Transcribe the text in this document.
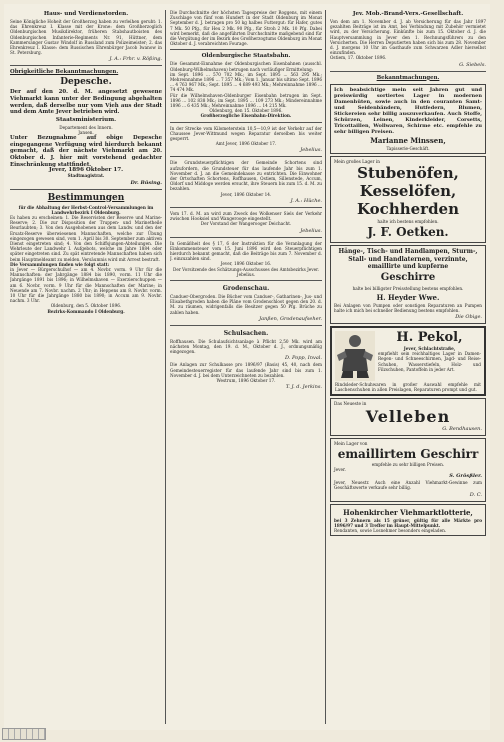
Haus- und Verdienstorden.

Seine Königliche Hoheit der Großherzog haben zu verleihen geruht: 1. das Ehrenkreuz I. Klasse mit der Krone: dem Großherzoglich Oldenburgischen Musikdirektor, früheren Stabshautboisten des Oldenburgischen Infanterie-Regiments Nr. 91, Hüttner, dem Kammersänger Gustav Windolf in Russland zum Polizeimeister; 2. das Ehrenkreuz I. Klasse: dem Russischen Ehrenbürger Jacob Iwanow in St. Petersburg.

J. A.: Frhr. v. Rößing.

Obrigkeitliche Bekanntmachungen.

Depesche.

Der auf den 20. d. M. angesetzt gewesene Viehmarkt kann unter der Bedingung abgehalten werden, daß derselbe nur vom Vieh aus der Stadt und dem Amte Jever betrieben wird.

Staatsministerium.

Departement des Innern.

Jansen.

Unter Bezugnahme auf obige Depesche eingegangene Verfügung wird hierdurch bekannt gemacht, daß der nächste Viehmarkt am 20. Oktober d. J. hier mit vorstehend gedachter Einschränkung stattfindet.

Jever, 1896 Oktober 17.

Stadtmagistrat.

Dr. Büsing.

Bestimmungen

für die Abhaltung der Herbst-Control-Versammlungen im Landwehrbezirk I Oldenburg.

Es haben zu erscheinen: 1. Die Reservisten der Reserve und Marine-Reserve; 2. Die zur Disposition der Truppen- und Marinetheile Beurlaubten; 3. Von den Ausgehobenen aus dem Landw. und den der Ersatz-Reserve überwiesenen Mannschaften, welche zur Übung eingezogen gewesen sind, vom 1. April bis 30. September zum aktiven Dienst eingetreten sind; 4. Von den Schiffsjungen-Abteilungen. Die Wehrleute der Landwehr I. Aufgebots, welche im Jahre 1884 oder später eingetreten sind. Zu spät eintretende Mannschaften haben sich beim Hauptmeldeamt zu melden. Versäumnis wird mit Arrest bestraft.

Die Versammlungen finden wie folgt statt:

in Jever — Bürgerschulhof — am 4. Novbr. vorm. 9 Uhr für die Mannschaften: der Jahrgänge 1884 bis 1890, vorm. 11 Uhr die Jahrgänge 1891 bis 1896; in Wilhelmshaven — Exerzierschuppen — am 6. Novbr. vorm. 9 Uhr für die Mannschaften der Marine; in Neuende am 7. Novbr. nachm. 2 Uhr; in Heppens am 8. Novbr. vorm. 10 Uhr für die Jahrgänge 1880 bis 1890; in Accum am 9. Novbr. nachm. 3 Uhr.

Oldenburg, den 5. Oktober 1896.

Bezirks-Kommando I Oldenburg.

Die Durchschnitte der höchsten Tagespreise der Roggens, mit einem Zuschlage von fünf vom Hundert in der Stadt Oldenburg im Monat September d. J. betragen pro 50 kg halbes Futtergut: für Hafer, gutes 7 Mk. 50 Pfg., für Heu 2 Mk. 90 Pfg., für Stroh 2 Mk. 10 Pfg. Dabei wird bemerkt, daß die angeführten Durchschnitte maßgebend sind für die Vergütung der im Bezirk des Großherzogtums Oldenburg im Monat Oktober d. J. verabreichten Fourage.

Oldenburgische Staatsbahn.

Die Gesammt-Einnahme der Oldenburgischen Eisenbahnen (ausschl. Oldenburg-Wilhelmshaven) betrugen nach vorläufiger Ermittelung:

im Sept. 1896 ... 570 702 Mk.; im Sept. 1895 ... 563 295 Mk.; Mehreinnahme 1896 ... 7 357 Mk.; Vom 1. Januar bis ultimo Sept. 1896 ... 4 763 967 Mk.; Sept. 1895 ... 4 689 493 Mk.; Mehreinnahme 1896 ... 74 474 Mk.

Für die Wilhelmshaven-Oldenburger Eisenbahn betrugen im Sept. 1896 ... 102 838 Mk.; im Sept. 1895 ... 109 273 Mk.; Mindereinnahme 1896 ... 6 435 Mk.; Mehreinnahme 1896 ... 14 215 Mk.

Oldenburg, den 15. Oktober 1896.

Großherzogliche Eisenbahn-Direktion.

In der Strecke vom Kilometerstein 10,5—10,9 ist der Verkehr auf der Chaussee Jever-Wittmund wegen Reparatur derselben bis weiter gesperrt.

Amt Jever, 1896 Oktober 17.

Jebelius.

Die Grundsteuerpflichtigen der Gemeinde Schortens sind aufzufordern, die Grundsteuer für das laufende Jahr bis zum 1. November d. J. an die Gemeindekasse zu entrichten. Die Einwohner der Ortschaften Schortens, Roffhausen, Ostiem, Sillenstede, Accum, Oldorf und Middoge werden ersucht, ihre Steuern bis zum 15. d. M. zu bezahlen.

Jever, 1896 Oktober 14.

J. A.: Hüche.

Vom 17. d. M. an wird zum Zweck des Wolkenser Siels der Verkehr zwischen Hooksiel und Wangerooge eingestellt.

Der Vorstand der Wangerooger Deichacht.

Jebelius.

In Gemäßheit des § 17, 6 der Instruktion für die Veranlagung der Einkommensteuer vom 15. Juni 1896 wird den Steuerpflichtigen hierdurch bekannt gemacht, daß die Beiträge bis zum 7. November d. J. einzuzahlen sind.

Jever, 1896 Oktober 16.

Der Vorsitzende des Schätzungs-Ausschusses des Amtsbezirks Jever. Jebelius.

Grodenschau.

Canduer-Obergroden. Die Bücher vom Canduer-, Gatharinen-, Jus- und Elisabethgroden haben die Pläne vom Grodenschloot gegen den 20. d. M. zu räumen, widrigenfalls die Besitzer gegen 50 Pfg. Brüche zu zahlen haben.

Janßen, Grodenaufseher.

Schulsachen.

Roffhausen. Die Schulaufsichtsanlage à Pflicht 2,50 Mk. wird am nächsten Montag, den 19. d. M., Oktober d. J., ordnungsmäßig eingezogen.

D. Popp, Inval.

Die Anlagen zur Schulkasse pro 1896/97 (Basis) 45, 40, nach dem Gemeindesteuerregister für das laufende Jahr sind bis zum 1. November d. J. bei dem Unterzeichneten zu bezahlen.

Westrum, 1896 Oktober 17.

T. J. d. Jerkins.

Jev. Mob.-Brand-Vers.-Gesellschaft.

Von dem am 1. November d. J. ab Versicherung für das Jahr 1897 gezahlten Beiträge ist im Amt, bei Verbindung mit Zubehör vermietet wird, zu der Versicherung. Einkünfte bis zum 15. Oktober d. J. die Hauptversammlung in Jever den 1. Rechnungsführers zu den Versicherten. Die Herren Deputierten haben sich bis zum 28. November d. J. morgens 10 Uhr im Gasthaufe zum Schwarzen Adler hierselbst einzufinden.

Ostiem, 17. Oktober 1896.

G. Siebels.

Bekanntmachungen.

Ich beabsichtige mein seit Jahren gut und preiswürdig sortiertes Lager in modernen Damenhüten, sowie auch in den couranten Samt- und Seidenbändern, Hutfedern, Blumen, Stickereien sehr billig auszuverkaufen. Auch Stoffe, Schürzen, Leinen, Kinderkleider, Corsetts, Tricottaillen, Wollwaren, Schirme etc. empfehle zu sehr billigen Preisen.

Marianne Minssen,

Tapisserie-Geschäft.

Mein großes Lager in

Stubenöfen,

Kesselöfen,

Kochherden

halte ich bestens empfohlen.

J. F. Oetken.

Hänge-, Tisch- und Handlampen, Sturm-, Stall- und Handlaternen, verzinnte, emaillirte und kupferne

Geschirre

halte bei billigster Preisstellung bestens empfohlen.

H. Heyder Wwe.

Bei Anlagen von Pumpen oder sonstigen Reparaturen an Pumpen halte ich mich bei schneller Bedienung bestens empfohlen.

Die Obige.

H. Pekol,

Jever, Schlachtstraße,

empfiehlt sein reichhaltiges Lager in Damen-Regen- und Schneeschirmen, Jagd- und Reise-Schuhen, Wasserstiefeln, Holz- und Filzschuhen, Pantoffeln in jeder Art.

Rindsleder-Schuhwaren in großer Auswahl empfehle mit Laschenschuhen in allen Preislagen, Reparaturen prompt und gut.

Das Neueste in

Velleben

G. Bendhausen.

Mein Lager von

emaillirtem Geschirr

empfehle zu sehr billigen Preisen.

Jever.

S. Grösßler.

Jever, Neuestr. Auch eine Anzahl Viehmarkt-Gewinne zum Geschäftswerte verkaufe sehr billig.

D. C.

Hohenkircher Viehmarktlotterie,

bei 3 Zehnern als 15 grüner, gültig für alle Märkte pro 1896/97 und 3 Treffer im Haupt-Mittelpunkt.

Rendanten, sowie Losnehmer besonders eingeladen.
